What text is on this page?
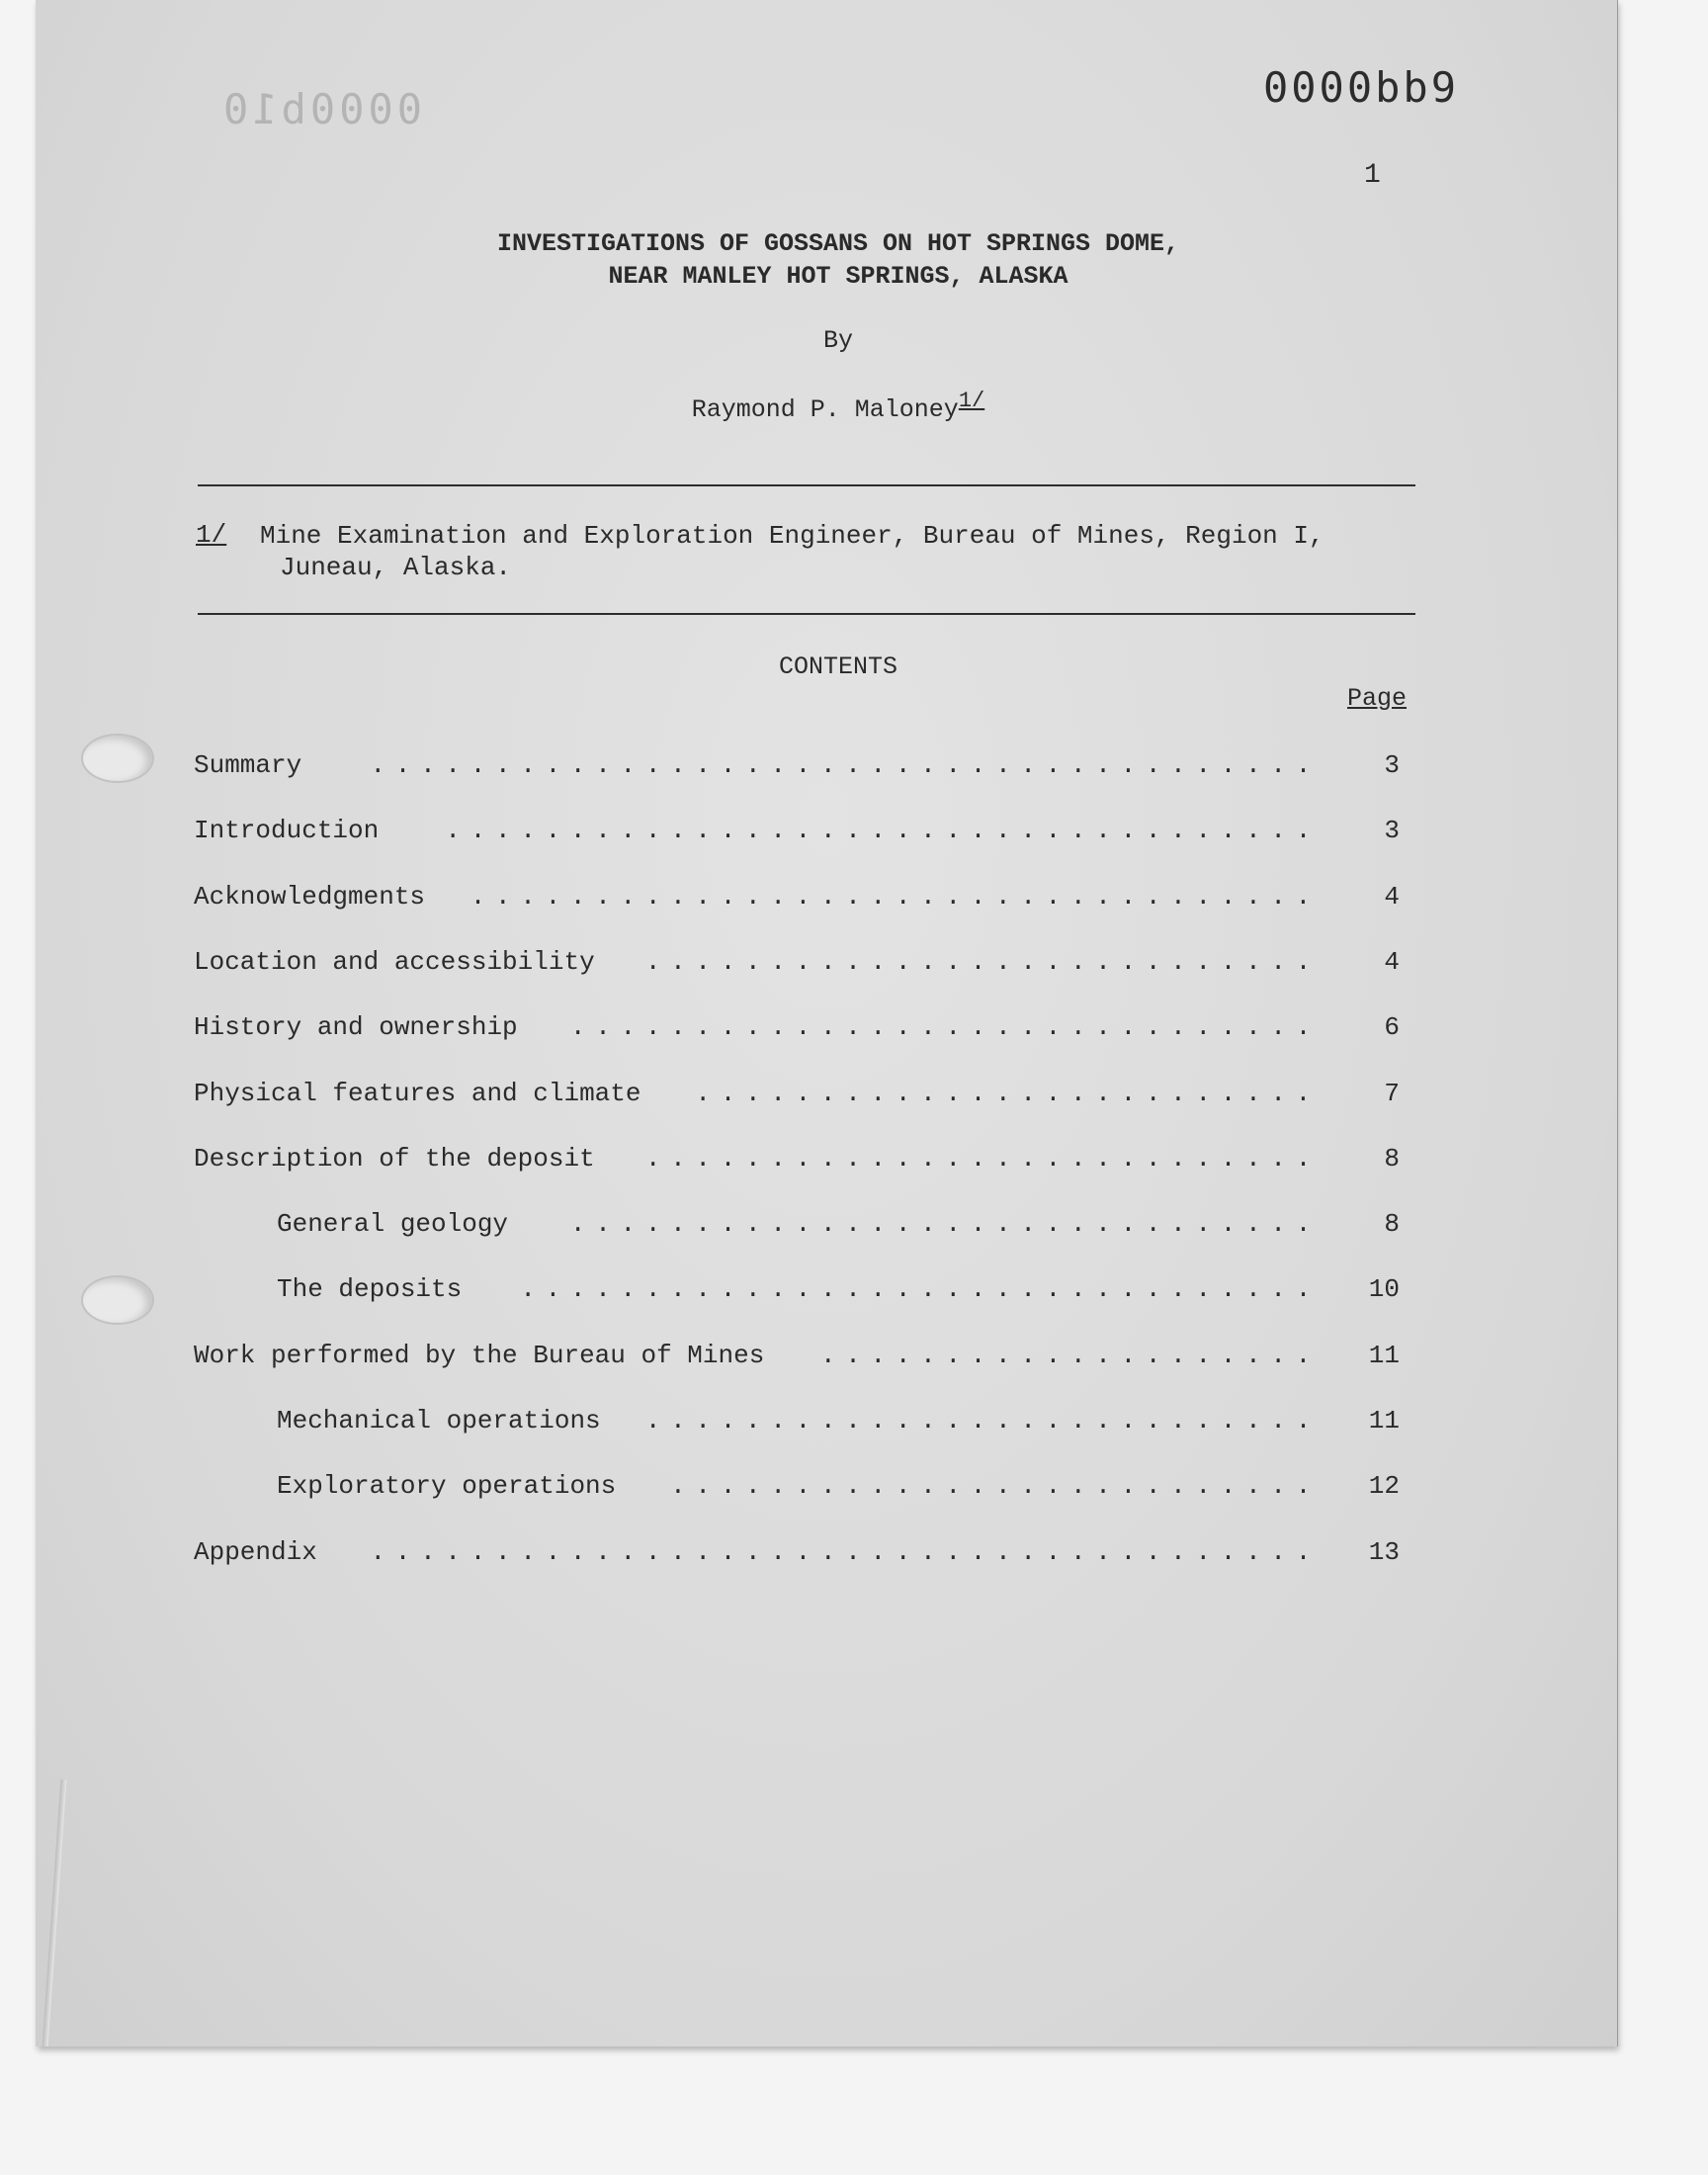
0000b10	0000bb9
1
INVESTIGATIONS OF GOSSANS ON HOT SPRINGS DOME,
NEAR MANLEY HOT SPRINGS, ALASKA
By
Raymond P. Maloney$^{1/}$
1/ Mine Examination and Exploration Engineer, Bureau of Mines, Region I,
Juneau, Alaska.
CONTENTS
Page
Summary	......................................	3
Introduction	...................................	3
Acknowledgments	..................................	4
Location and accessibility	...........................	4
History and ownership	..............................	6
Physical features and climate	.........................	7
Description of the deposit	...........................	8
General geology	..............................	8
The deposits	................................	10
Work performed by the Bureau of Mines	....................	11
Mechanical operations	...........................	11
Exploratory operations	..........................	12
Appendix	......................................	13
